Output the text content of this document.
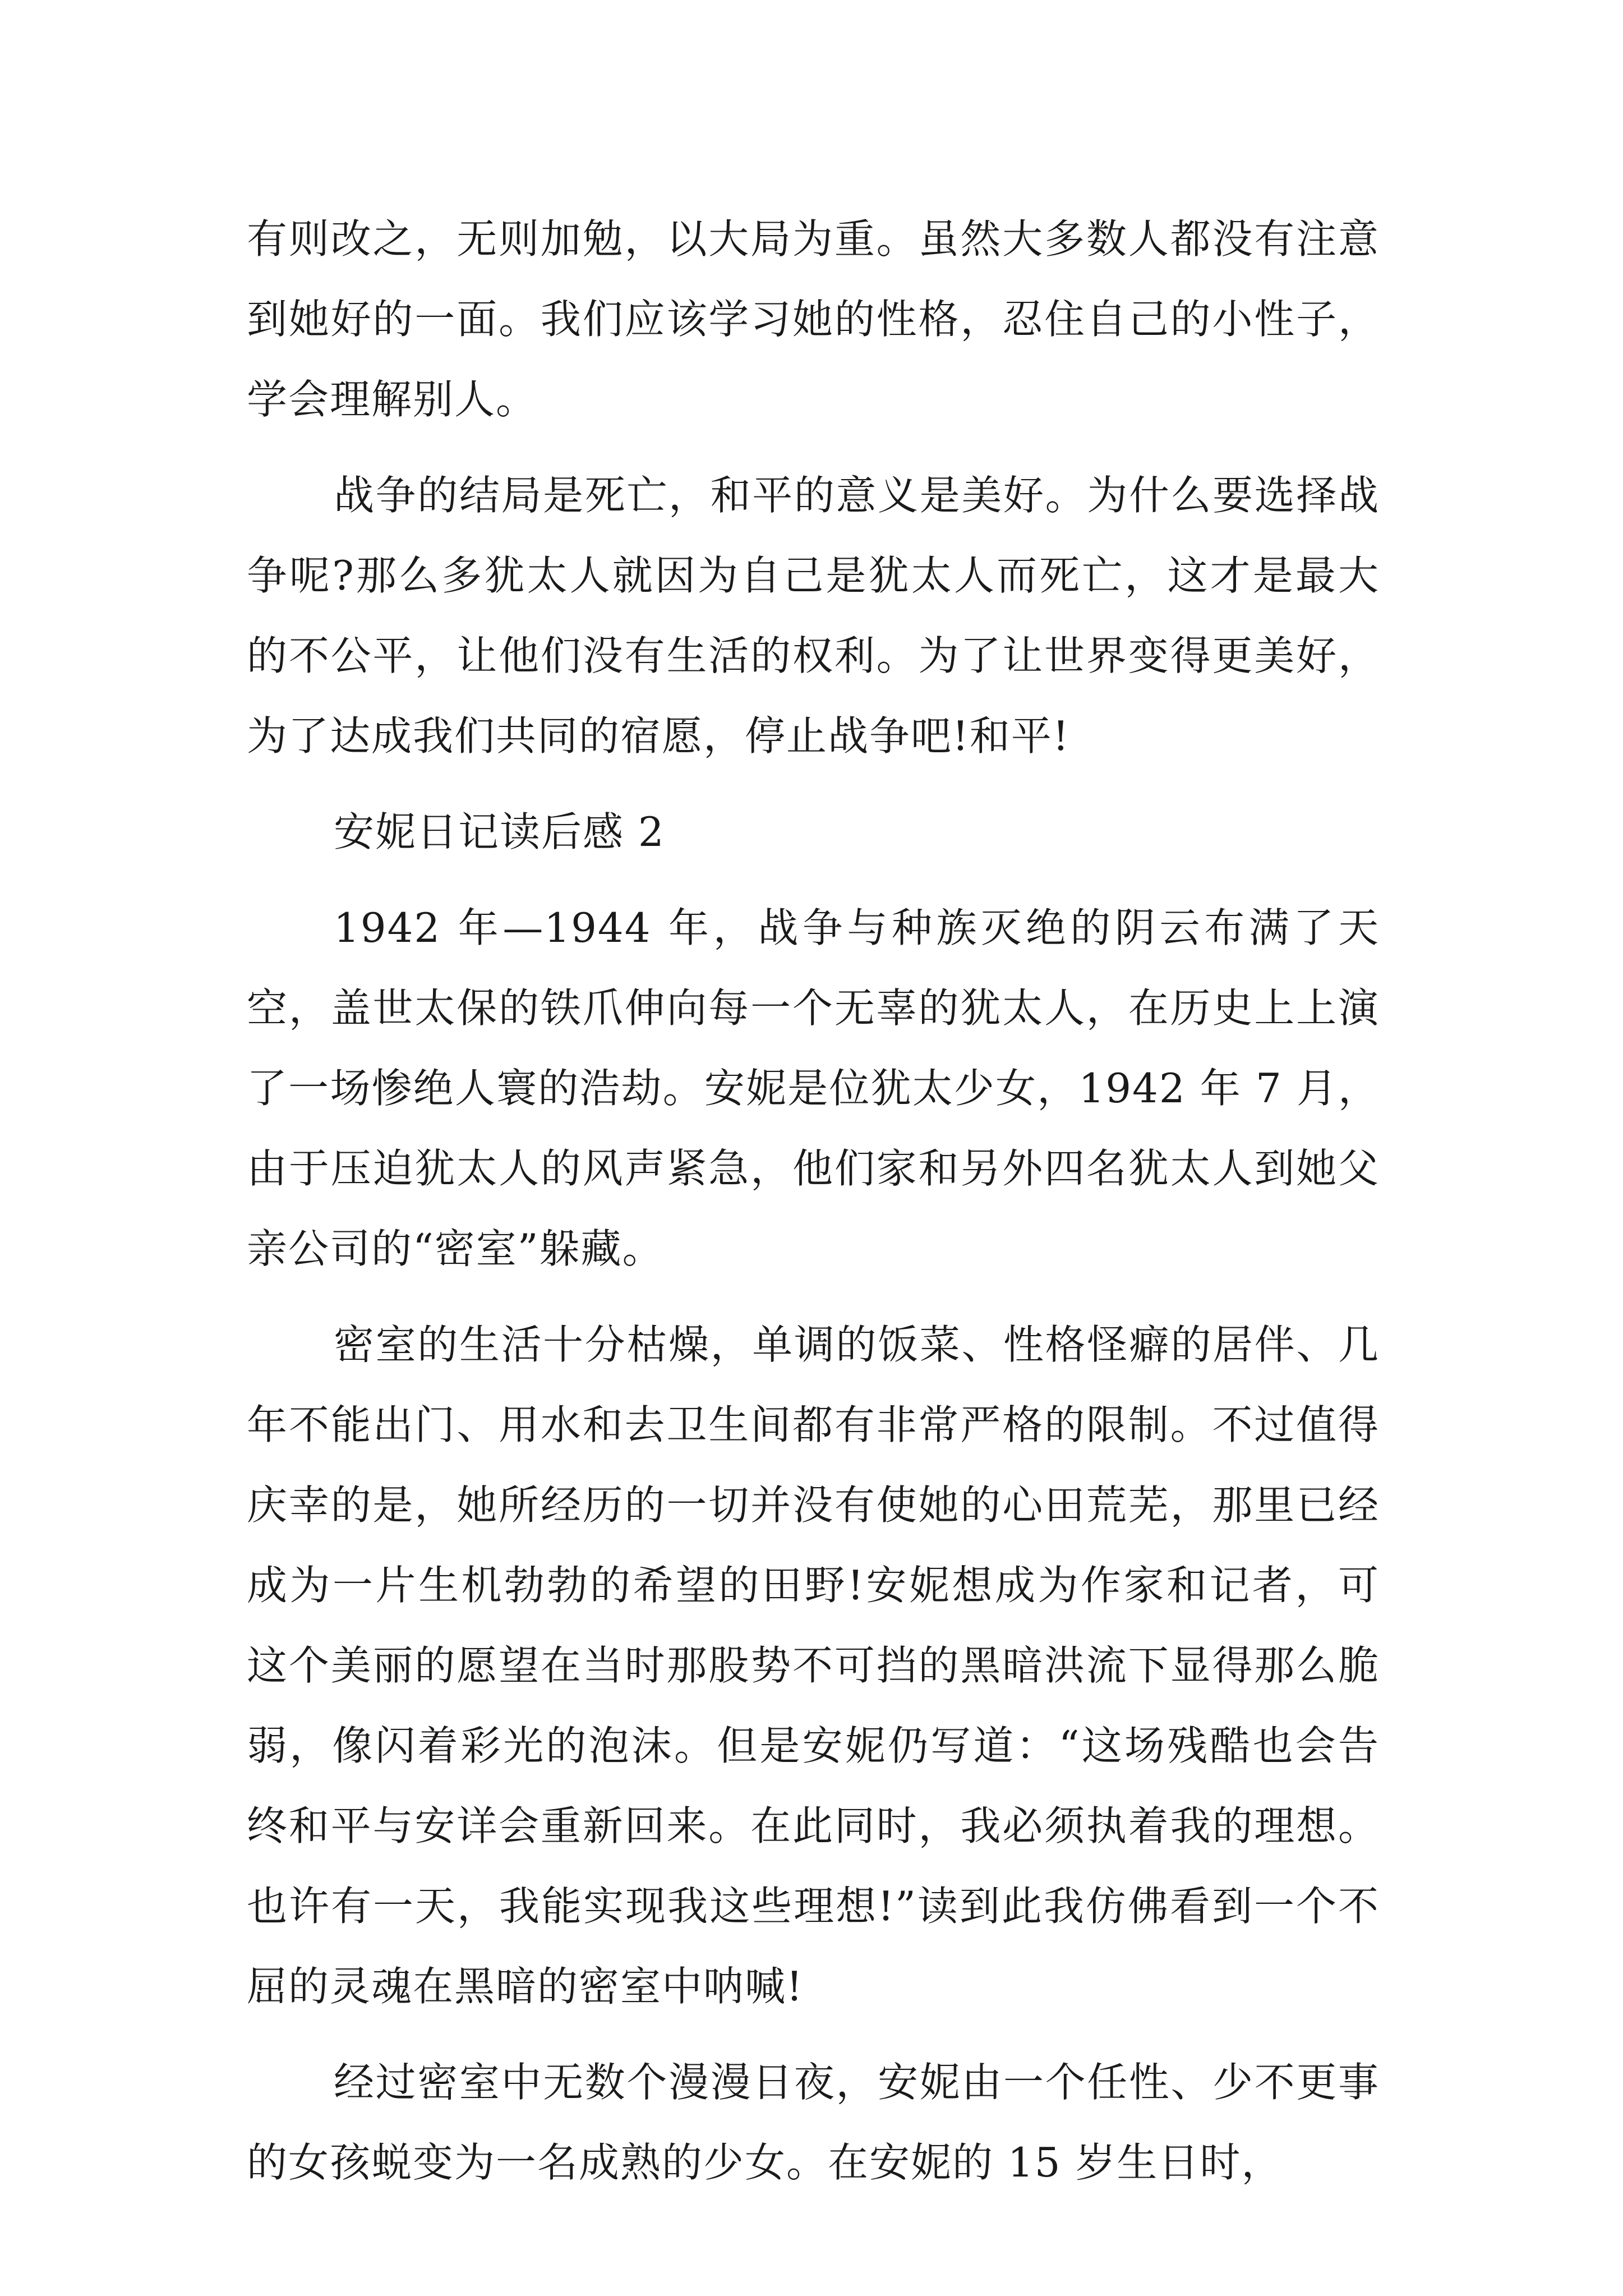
有则改之，无则加勉，以大局为重。虽然大多数人都没有注意到她好的一面。我们应该学习她的性格，忍住自己的小性子，学会理解别人。

战争的结局是死亡，和平的意义是美好。为什么要选择战争呢?那么多犹太人就因为自己是犹太人而死亡，这才是最大的不公平，让他们没有生活的权利。为了让世界变得更美好，为了达成我们共同的宿愿，停止战争吧!和平!

安妮日记读后感 2

1942 年—1944 年，战争与种族灭绝的阴云布满了天空，盖世太保的铁爪伸向每一个无辜的犹太人，在历史上上演了一场惨绝人寰的浩劫。安妮是位犹太少女，1942 年 7 月，由于压迫犹太人的风声紧急，他们家和另外四名犹太人到她父亲公司的“密室”躲藏。

密室的生活十分枯燥，单调的饭菜、性格怪癖的居伴、几年不能出门、用水和去卫生间都有非常严格的限制。不过值得庆幸的是，她所经历的一切并没有使她的心田荒芜，那里已经成为一片生机勃勃的希望的田野!安妮想成为作家和记者，可这个美丽的愿望在当时那股势不可挡的黑暗洪流下显得那么脆弱，像闪着彩光的泡沫。但是安妮仍写道：“这场残酷也会告终和平与安详会重新回来。在此同时，我必须执着我的理想。也许有一天，我能实现我这些理想!”读到此我仿佛看到一个不屈的灵魂在黑暗的密室中呐喊!

经过密室中无数个漫漫日夜，安妮由一个任性、少不更事的女孩蜕变为一名成熟的少女。在安妮的 15 岁生日时，
